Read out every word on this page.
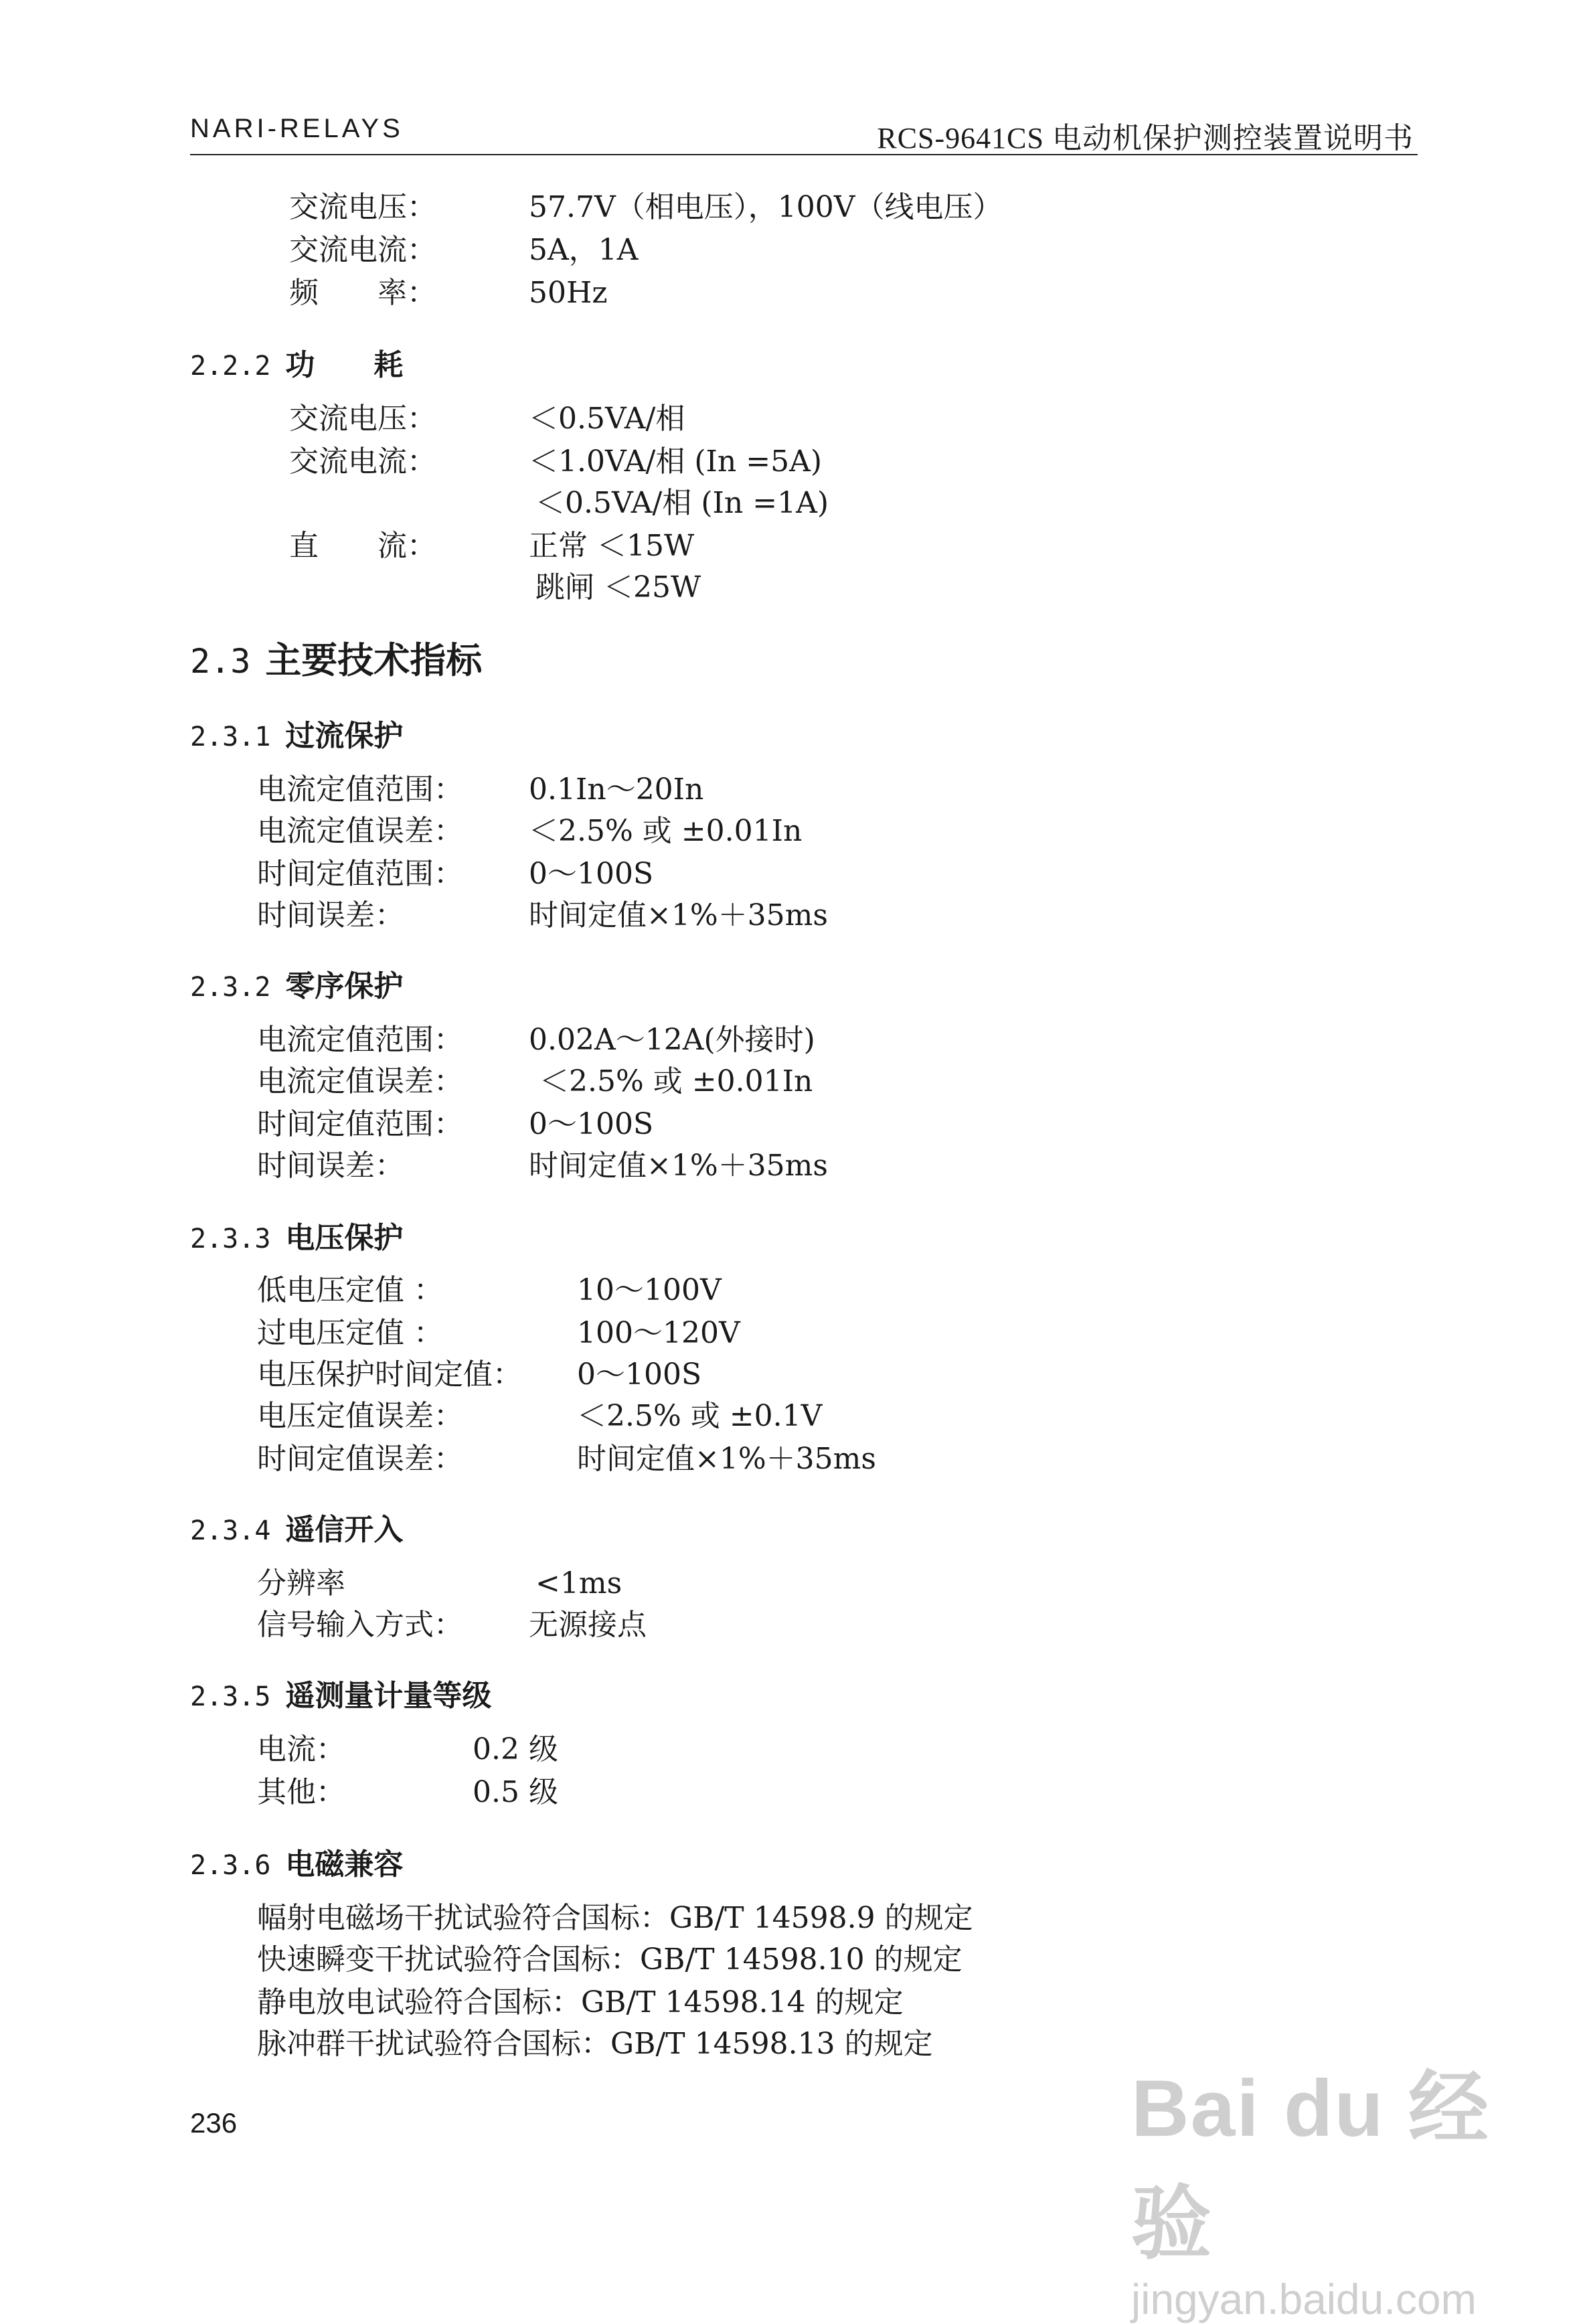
NARI-RELAYS	RCS-9641CS 电动机保护测控装置说明书
交流电压：	57.7V（相电压），100V（线电压）
交流电流：	5A，1A
频　　率：	50Hz
2.2.2 功　　耗
交流电压：	＜0.5VA/相
交流电流：	＜1.0VA/相 (In =5A)
＜0.5VA/相 (In =1A)
直　　流：	正常 ＜15W
跳闸 ＜25W
2.3 主要技术指标
2.3.1 过流保护
电流定值范围： 0.1In～20In
电流定值误差： ＜2.5% 或 ±0.01In
时间定值范围： 0～100S
时间误差：	时间定值×1%＋35ms
2.3.2 零序保护
电流定值范围： 0.02A～12A(外接时)
电流定值误差：	＜2.5% 或 ±0.01In
时间定值范围： 0～100S
时间误差：	时间定值×1%＋35ms
2.3.3 电压保护
低电压定值 ：	10～100V
过电压定值 ：	100～120V
电压保护时间定值： 0～100S
电压定值误差：	＜2.5% 或 ±0.1V
时间定值误差：	时间定值×1%＋35ms
2.3.4 遥信开入
分辨率	<1ms
信号输入方式： 无源接点
2.3.5 遥测量计量等级
电流：	0.2 级
其他：	0.5 级
2.3.6 电磁兼容
幅射电磁场干扰试验符合国标：GB/T 14598.9 的规定
快速瞬变干扰试验符合国标：GB/T 14598.10 的规定
静电放电试验符合国标：GB/T 14598.14 的规定
脉冲群干扰试验符合国标：GB/T 14598.13 的规定
236	Bai du 经验
jingyan.baidu.com
